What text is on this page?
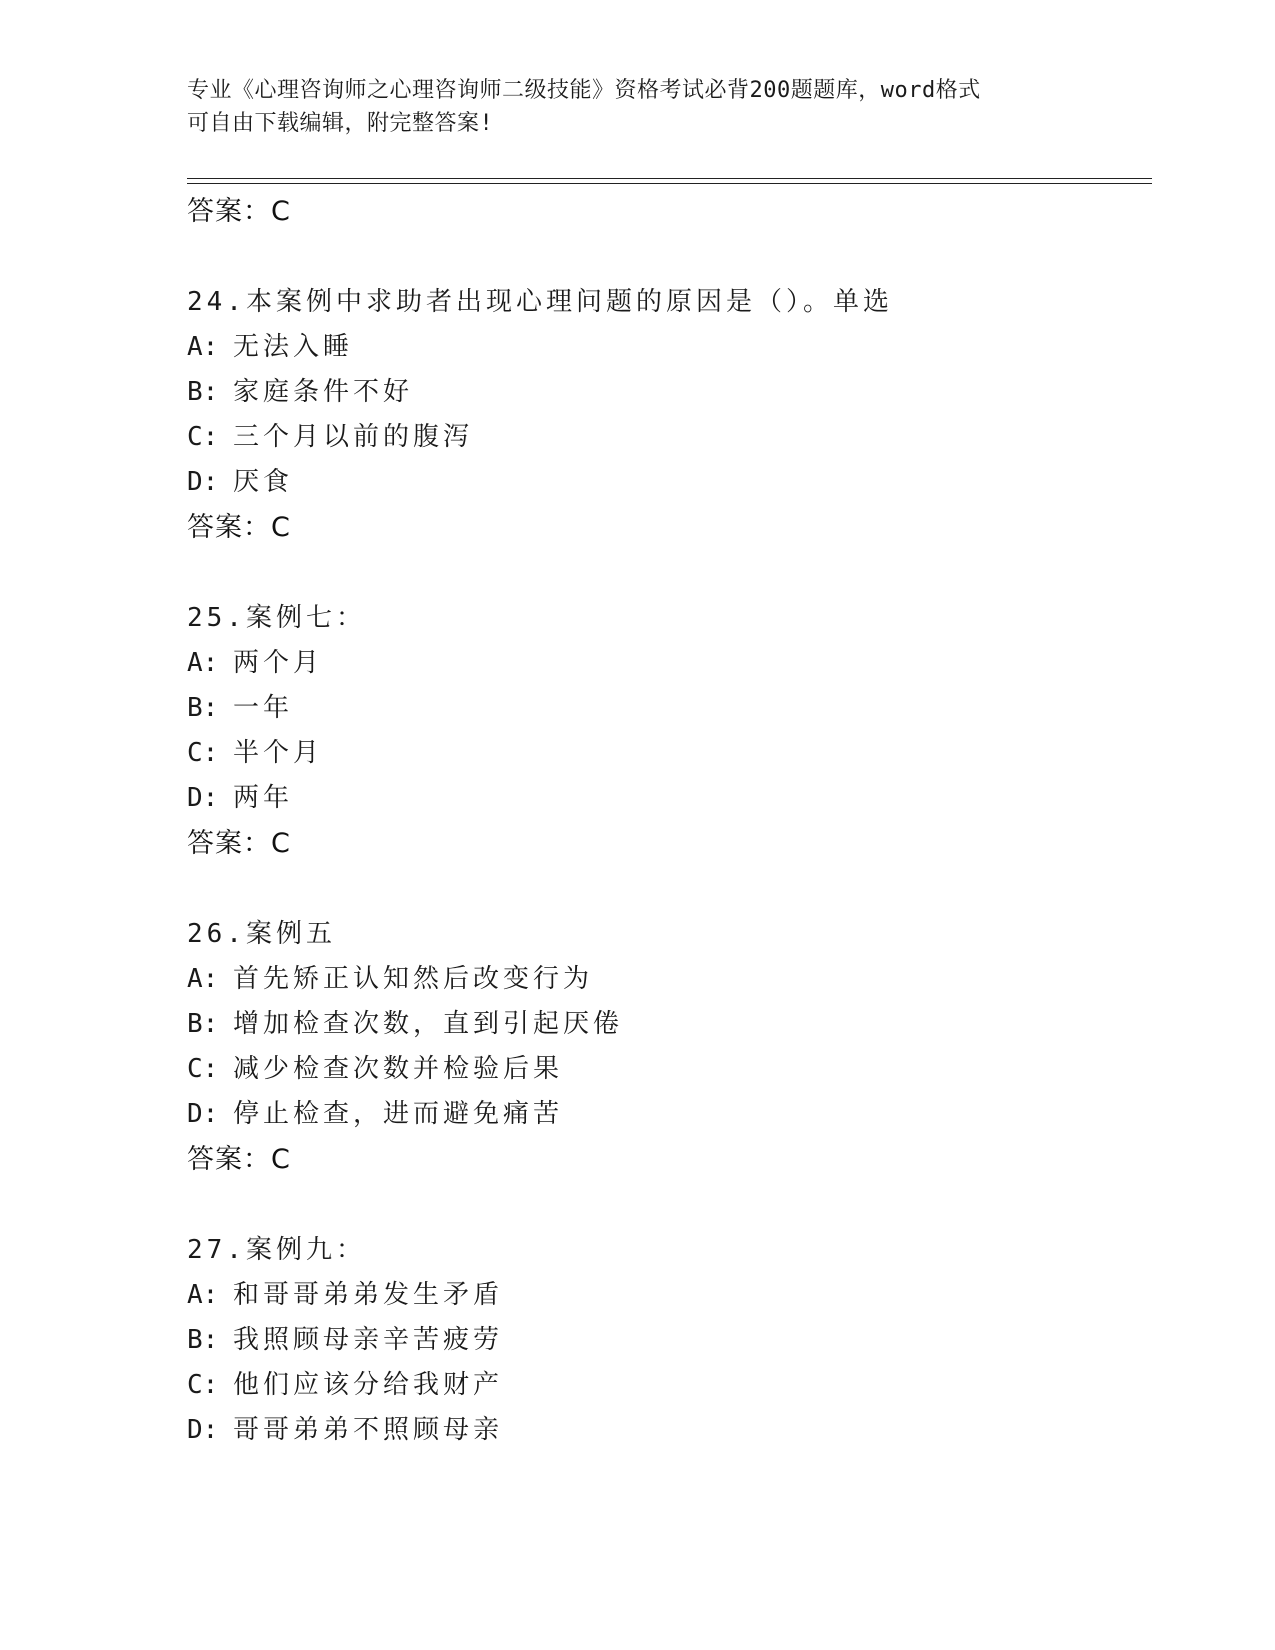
专业《心理咨询师之心理咨询师二级技能》资格考试必背200题题库，word格式
可自由下载编辑，附完整答案!
答案：C
24.本案例中求助者出现心理问题的原因是（）。单选
A: 无法入睡
B: 家庭条件不好
C: 三个月以前的腹泻
D: 厌食
答案：C
25.案例七：
A: 两个月
B: 一年
C: 半个月
D: 两年
答案：C
26.案例五
A: 首先矫正认知然后改变行为
B: 增加检查次数，直到引起厌倦
C: 减少检查次数并检验后果
D: 停止检查，进而避免痛苦
答案：C
27.案例九：
A: 和哥哥弟弟发生矛盾
B: 我照顾母亲辛苦疲劳
C: 他们应该分给我财产
D: 哥哥弟弟不照顾母亲
